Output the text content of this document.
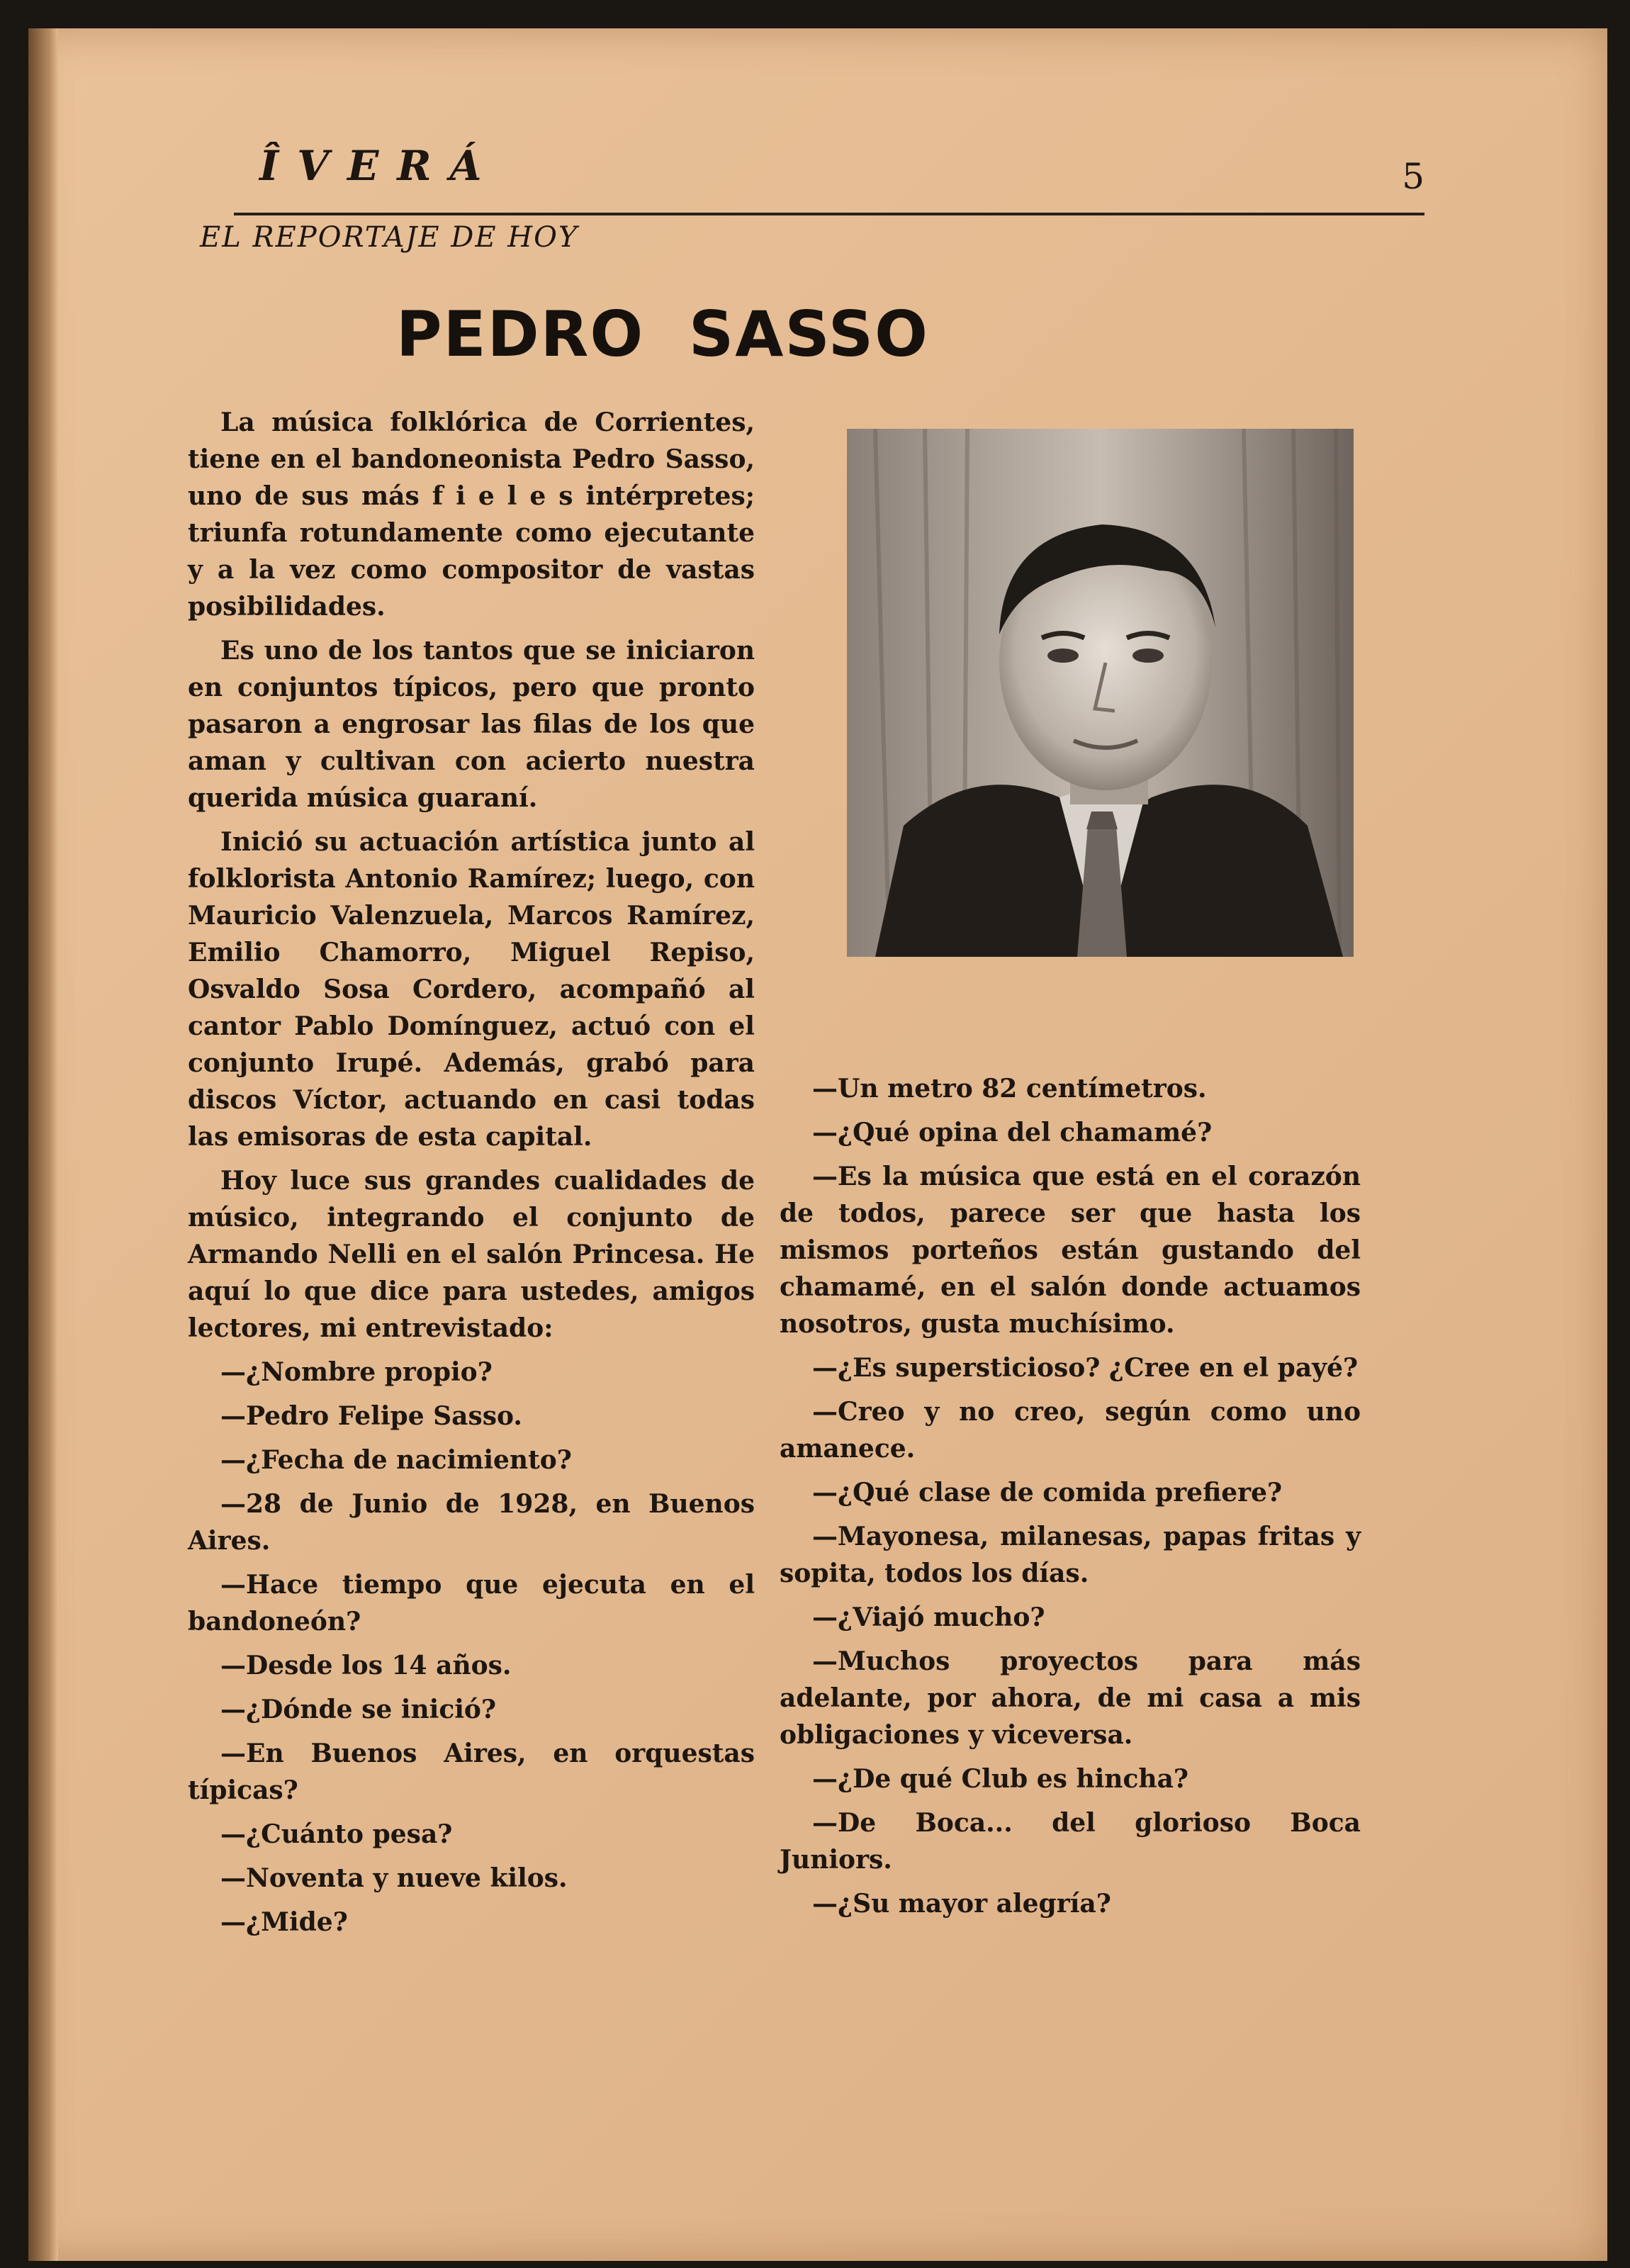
ÎVERÁ	5
EL REPORTAJE DE HOY
PEDRO SASSO

La música folklórica de Corrientes, tiene en el bandoneonista Pedro Sasso, uno de sus más f i e l e s intérpretes; triunfa rotundamente como ejecutante y a la vez como compositor de vastas posibilidades.

Es uno de los tantos que se iniciaron en conjuntos típicos, pero que pronto pasaron a engrosar las filas de los que aman y cultivan con acierto nuestra querida música guaraní.

Inició su actuación artística junto al folklorista Antonio Ramírez; luego, con Mauricio Valenzuela, Marcos Ramírez, Emilio Chamorro, Miguel Repiso, Osvaldo Sosa Cordero, acompañó al cantor Pablo Domínguez, actuó con el conjunto Irupé. Además, grabó para discos Víctor, actuando en casi todas las emisoras de esta capital.

Hoy luce sus grandes cualidades de músico, integrando el conjunto de Armando Nelli en el salón Princesa. He aquí lo que dice para ustedes, amigos lectores, mi entrevistado:

—¿Nombre propio?

—Pedro Felipe Sasso.

—¿Fecha de nacimiento?

—28 de Junio de 1928, en Buenos Aires.

—Hace tiempo que ejecuta en el bandoneón?

—Desde los 14 años.

—¿Dónde se inició?

—En Buenos Aires, en orquestas típicas?

—¿Cuánto pesa?

—Noventa y nueve kilos.

—¿Mide?

—Un metro 82 centímetros.

—¿Qué opina del chamamé?

—Es la música que está en el corazón de todos, parece ser que hasta los mismos porteños están gustando del chamamé, en el salón donde actuamos nosotros, gusta muchísimo.

—¿Es supersticioso? ¿Cree en el payé?

—Creo y no creo, según como uno amanece.

—¿Qué clase de comida prefiere?

—Mayonesa, milanesas, papas fritas y sopita, todos los días.

—¿Viajó mucho?

—Muchos proyectos para más adelante, por ahora, de mi casa a mis obligaciones y viceversa.

—¿De qué Club es hincha?

—De Boca... del glorioso Boca Juniors.

—¿Su mayor alegría?
